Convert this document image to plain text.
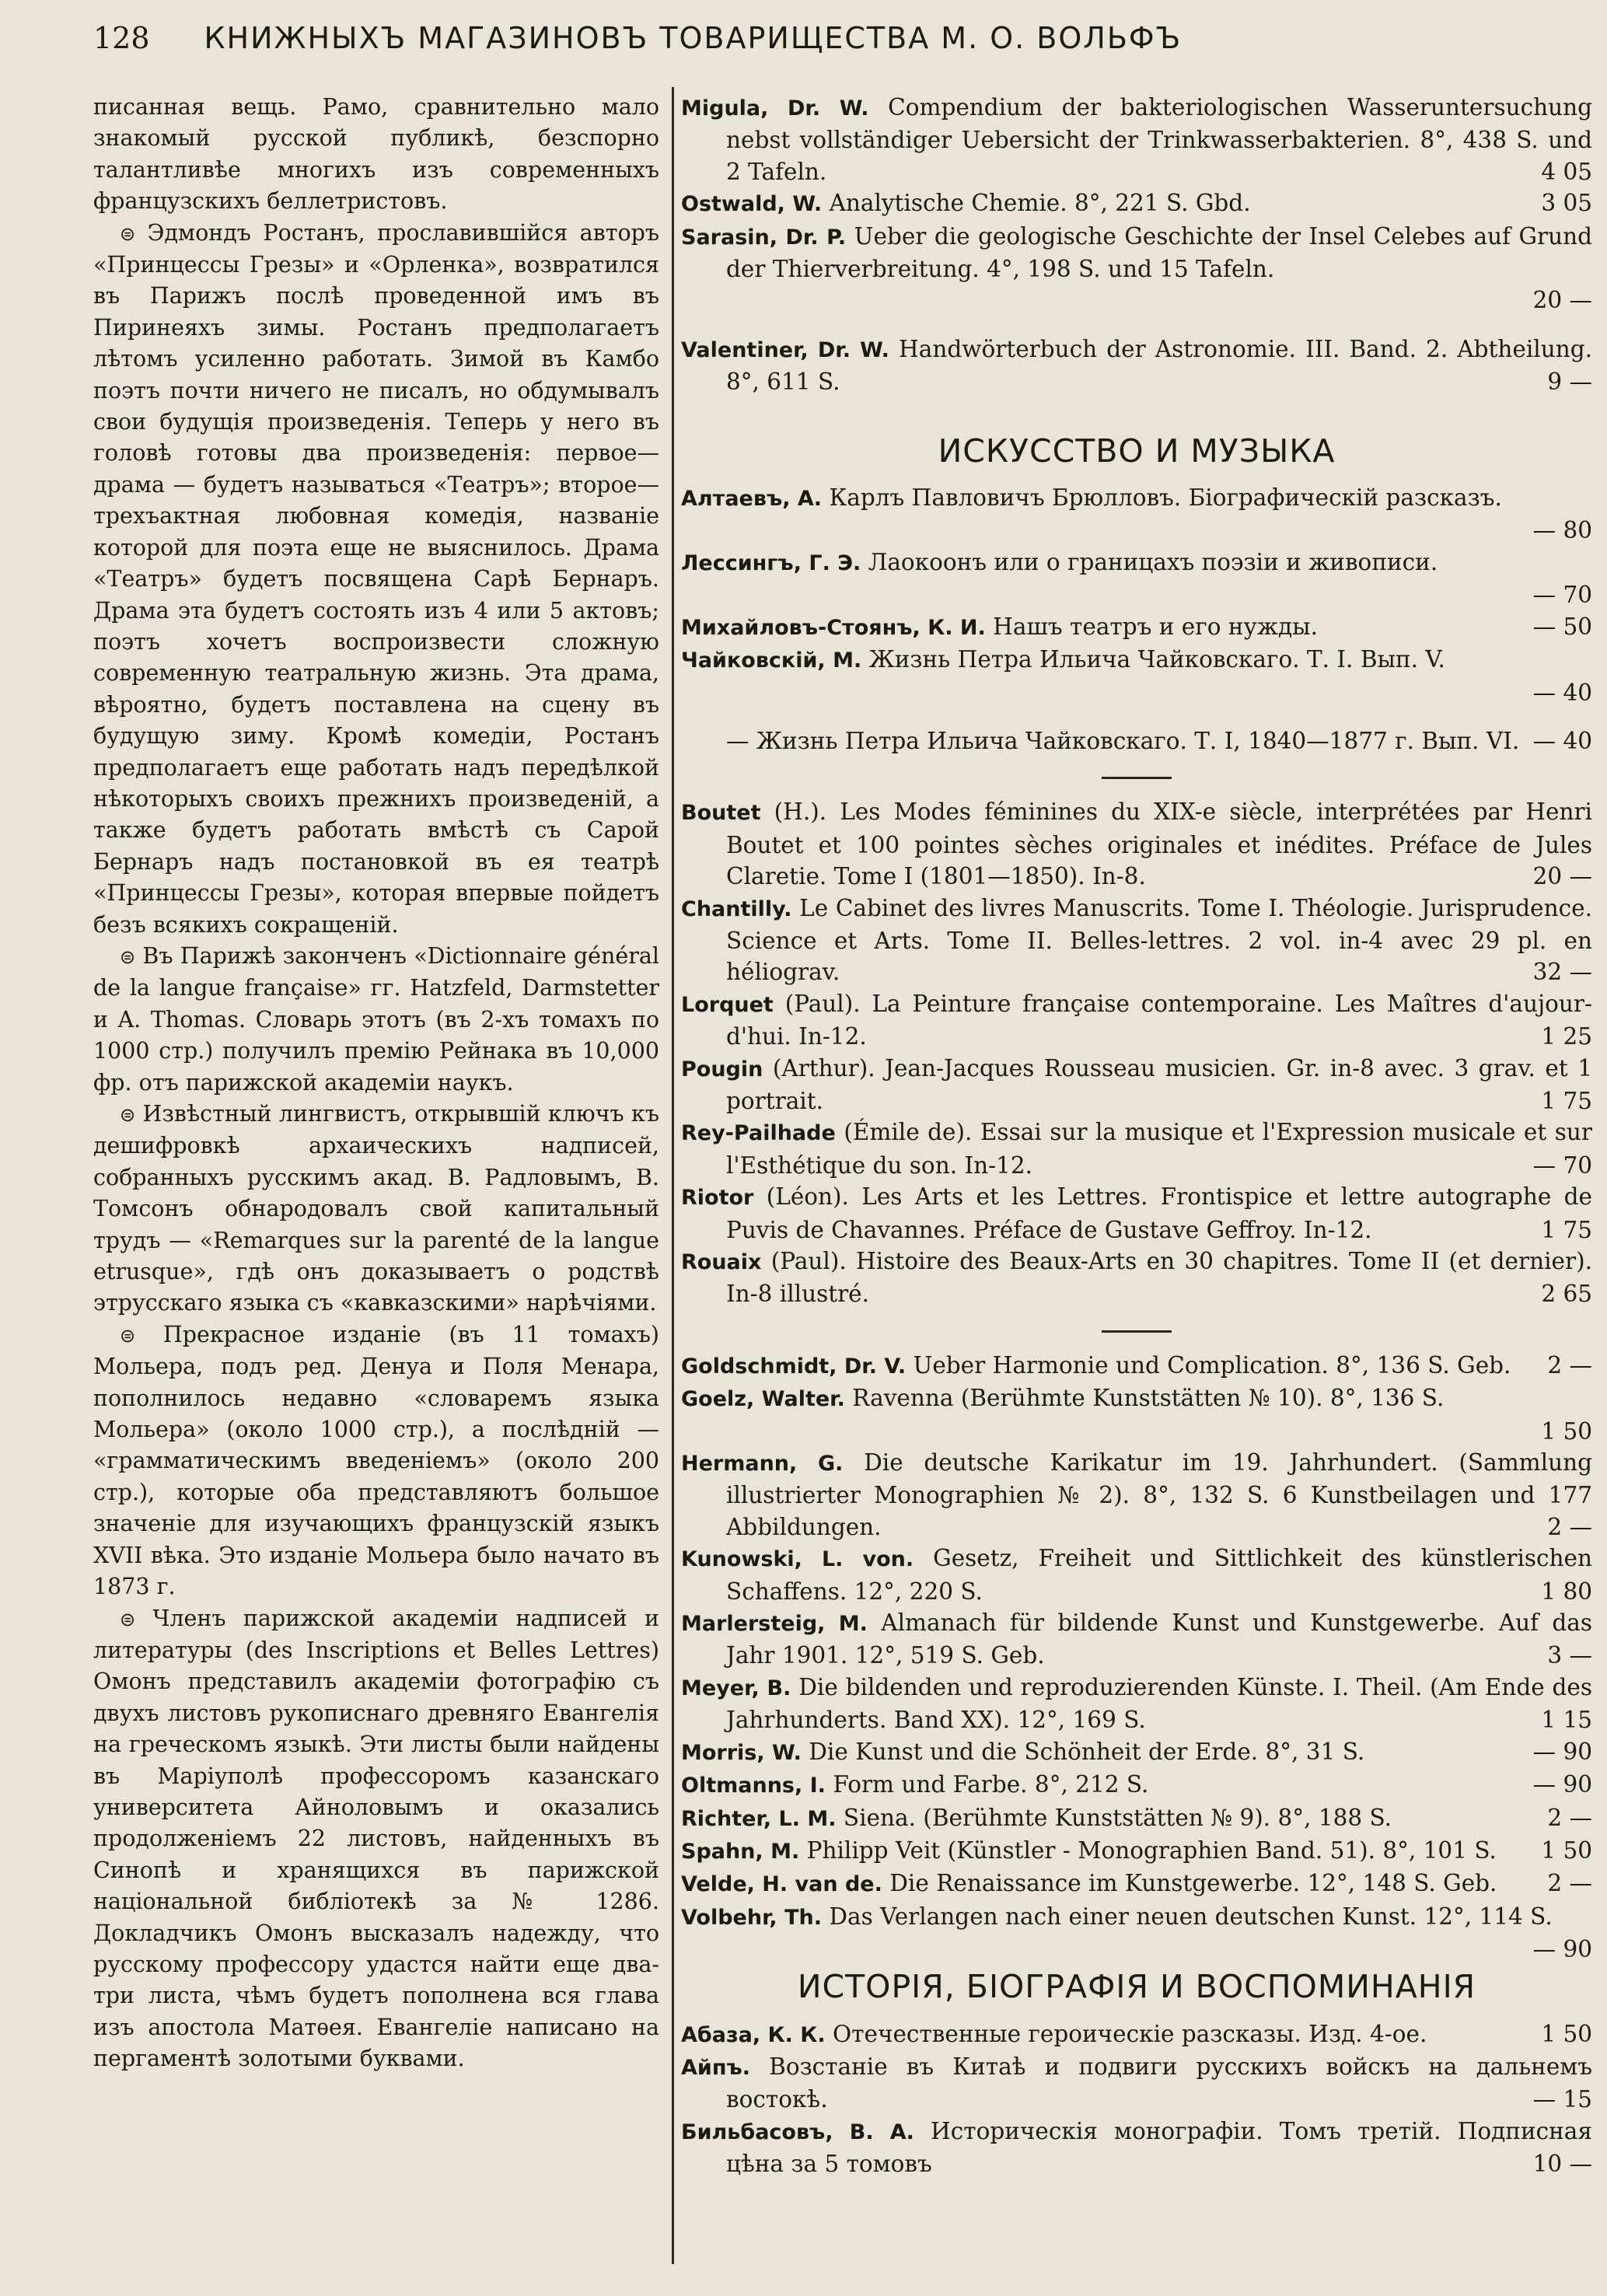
128 КНИЖНЫХЪ МАГАЗИНОВЪ ТОВАРИЩЕСТВА М. О. ВОЛЬФЪ

писанная вещь. Рамо, сравнительно мало знакомый русской публикѣ, безспорно талантливѣе многихъ изъ современныхъ французскихъ беллетристовъ.

⊜ Эдмондъ Ростанъ, прославившійся авторъ «Принцессы Грезы» и «Орленка», возвратился въ Парижъ послѣ проведенной имъ въ Пиринеяхъ зимы. Ростанъ предполагаетъ лѣтомъ усиленно работать. Зимой въ Камбо поэтъ почти ничего не писалъ, но обдумывалъ свои будущія произведенія. Теперь у него въ головѣ готовы два произведенія: первое— драма — будетъ называться «Театръ»; второе—трехъактная любовная комедія, названіе которой для поэта еще не выяснилось. Драма «Театръ» будетъ посвящена Сарѣ Бернаръ. Драма эта будетъ состоять изъ 4 или 5 актовъ; поэтъ хочетъ воспроизвести сложную современную театральную жизнь. Эта драма, вѣроятно, будетъ поставлена на сцену въ будущую зиму. Кромѣ комедіи, Ростанъ предполагаетъ еще работать надъ передѣлкой нѣкоторыхъ своихъ прежнихъ произведеній, а также будетъ работать вмѣстѣ съ Сарой Бернаръ надъ постановкой въ ея театрѣ «Принцессы Грезы», которая впервые пойдетъ безъ всякихъ сокращеній.

⊜ Въ Парижѣ законченъ «Dictionnaire général de la langue française» гг. Hatzfeld, Darmstetter и A. Thomas. Словарь этотъ (въ 2-хъ томахъ по 1000 стр.) получилъ премію Рейнака въ 10,000 фр. отъ парижской академіи наукъ.

⊜ Извѣстный лингвистъ, открывшій ключъ къ дешифровкѣ архаическихъ надписей, собранныхъ русскимъ акад. В. Радловымъ, В. Томсонъ обнародовалъ свой капитальный трудъ — «Remarques sur la parenté de la langue etrusque», гдѣ онъ доказываетъ о родствѣ этрусскаго языка съ «кавказскими» нарѣчіями.

⊜ Прекрасное изданіе (въ 11 томахъ) Мольера, подъ ред. Денуа и Поля Менара, пополнилось недавно «словаремъ языка Мольера» (около 1000 стр.), а послѣдній — «грамматическимъ введеніемъ» (около 200 стр.), которые оба представляютъ большое значеніе для изучающихъ французскій языкъ XVII вѣка. Это изданіе Мольера было начато въ 1873 г.

⊜ Членъ парижской академіи надписей и литературы (des Inscriptions et Belles Lettres) Омонъ представилъ академіи фотографію съ двухъ листовъ рукописнаго древняго Евангелія на греческомъ языкѣ. Эти листы были найдены въ Маріуполѣ профессоромъ казанскаго университета Айноловымъ и оказались продолженіемъ 22 листовъ, найденныхъ въ Синопѣ и хранящихся въ парижской національной библіотекѣ за № 1286. Докладчикъ Омонъ высказалъ надежду, что русскому профессору удастся найти еще два-три листа, чѣмъ будетъ пополнена вся глава изъ апостола Матѳея. Евангеліе написано на пергаментѣ золотыми буквами.

Migula, Dr. W. Compendium der bakteriologischen Wasseruntersuchung nebst vollständiger Uebersicht der Trinkwasserbakterien. 8°, 438 S. und 2 Tafeln.	4 05
Ostwald, W. Analytische Chemie. 8°, 221 S. Gbd.	3 05
Sarasin, Dr. P. Ueber die geologische Geschichte der Insel Celebes auf Grund der Thierverbreitung. 4°, 198 S. und 15 Tafeln.
20 —
Valentiner, Dr. W. Handwörterbuch der Astronomie. III. Band. 2. Abtheilung. 8°, 611 S.	9 —
ИСКУССТВО И МУЗЫКА
Алтаевъ, А. Карлъ Павловичъ Брюлловъ. Біографическій разсказъ.
— 80
Лессингъ, Г. Э. Лаокоонъ или о границахъ поэзіи и живописи.
— 70
Михайловъ-Стоянъ, К. И. Нашъ театръ и его нужды.	— 50
Чайковскій, М. Жизнь Петра Ильича Чайковскаго. Т. I. Вып. V.
— 40
— Жизнь Петра Ильича Чайковскаго. Т. I, 1840—1877 г. Вып. VI. — 40
Boutet (H.). Les Modes féminines du XIX-e siècle, interprétées par Henri Boutet et 100 pointes sèches originales et inédites. Préface de Jules Claretie. Tome I (1801—1850). In-8.	20 —
Chantilly. Le Cabinet des livres Manuscrits. Tome I. Théologie. Jurisprudence. Science et Arts. Tome II. Belles-lettres. 2 vol. in-4 avec 29 pl. en héliograv.	32 —
Lorquet (Paul). La Peinture française contemporaine. Les Maîtres d'aujour-d'hui. In-12.	1 25
Pougin (Arthur). Jean-Jacques Rousseau musicien. Gr. in-8 avec. 3 grav. et 1 portrait.	1 75
Rey-Pailhade (Émile de). Essai sur la musique et l'Expression musicale et sur l'Esthétique du son. In-12.	— 70
Riotor (Léon). Les Arts et les Lettres. Frontispice et lettre autographe de Puvis de Chavannes. Préface de Gustave Geffroy. In-12.	1 75
Rouaix (Paul). Histoire des Beaux-Arts en 30 chapitres. Tome II (et dernier). In-8 illustré.	2 65
Goldschmidt, Dr. V. Ueber Harmonie und Complication. 8°, 136 S. Geb. 2 —
Goelz, Walter. Ravenna (Berühmte Kunststätten № 10). 8°, 136 S.
1 50
Hermann, G. Die deutsche Karikatur im 19. Jahrhundert. (Sammlung illustrierter Monographien № 2). 8°, 132 S. 6 Kunstbeilagen und 177 Abbildungen.	2 —
Kunowski, L. von. Gesetz, Freiheit und Sittlichkeit des künstlerischen Schaffens. 12°, 220 S.	1 80
Marlersteig, M. Almanach für bildende Kunst und Kunstgewerbe. Auf das Jahr 1901. 12°, 519 S. Geb.	3 —
Meyer, B. Die bildenden und reproduzierenden Künste. I. Theil. (Am Ende des Jahrhunderts. Band XX). 12°, 169 S.	1 15
Morris, W. Die Kunst und die Schönheit der Erde. 8°, 31 S.	— 90
Oltmanns, I. Form und Farbe. 8°, 212 S.	— 90
Richter, L. M. Siena. (Berühmte Kunststätten № 9). 8°, 188 S.	2 —
Spahn, M. Philipp Veit (Künstler - Monographien Band. 51). 8°, 101 S. 1 50
Velde, H. van de. Die Renaissance im Kunstgewerbe. 12°, 148 S. Geb. 2 —
Volbehr, Th. Das Verlangen nach einer neuen deutschen Kunst. 12°, 114 S.
— 90
ИСТОРІЯ, БІОГРАФІЯ И ВОСПОМИНАНІЯ
Абаза, К. К. Отечественные героическіе разсказы. Изд. 4-ое.	1 50
Айпъ. Возстаніе въ Китаѣ и подвиги русскихъ войскъ на дальнемъ востокѣ.	— 15
Бильбасовъ, В. А. Историческія монографіи. Томъ третій. Подписная цѣна за 5 томовъ	10 —
